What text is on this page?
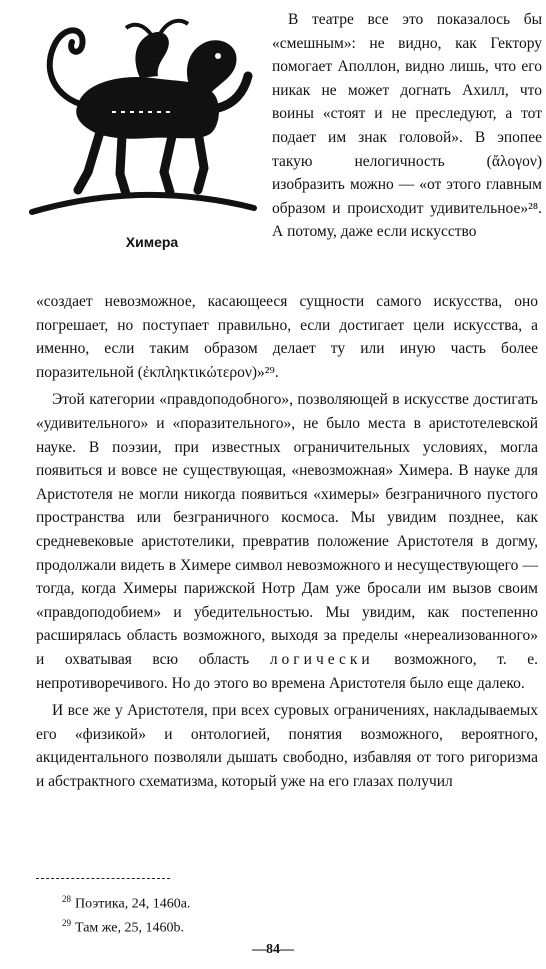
Химера

В театре все это показалось бы «смешным»: не видно, как Гектору помогает Аполлон, видно лишь, что его никак не может догнать Ахилл, что воины «стоят и не преследуют, а тот подает им знак головой». В эпопее такую нелогичность (ἄλογον) изобразить можно — «от этого главным образом и происходит удивительное»²⁸. А потому, даже если искусство

«создает невозможное, касающееся сущности самого искусства, оно погрешает, но поступает правильно, если достигает цели искусства, а именно, если таким образом делает ту или иную часть более поразительной (ἐκπληκτικώτερον)»²⁹.

Этой категории «правдоподобного», позволяющей в искусстве достигать «удивительного» и «поразительного», не было места в аристотелевской науке. В поэзии, при известных ограничительных условиях, могла появиться и вовсе не существующая, «невозможная» Химера. В науке для Аристотеля не могли никогда появиться «химеры» безграничного пустого пространства или безграничного космоса. Мы увидим позднее, как средневековые аристотелики, превратив положение Аристотеля в догму, продолжали видеть в Химере символ невозможного и несуществующего — тогда, когда Химеры парижской Нотр Дам уже бросали им вызов своим «правдоподобием» и убедительностью. Мы увидим, как постепенно расширялась область возможного, выходя за пределы «нереализованного» и охватывая всю область логически возможного, т. е. непротиворечивого. Но до этого во времена Аристотеля было еще далеко.

И все же у Аристотеля, при всех суровых ограничениях, накладываемых его «физикой» и онтологией, понятия возможного, вероятного, акцидентального позволяли дышать свободно, избавляя от того ригоризма и абстрактного схематизма, который уже на его глазах получил

$^{28}$ Поэтика, 24, 1460a.
$^{29}$ Там же, 25, 1460b.
— 84 —
